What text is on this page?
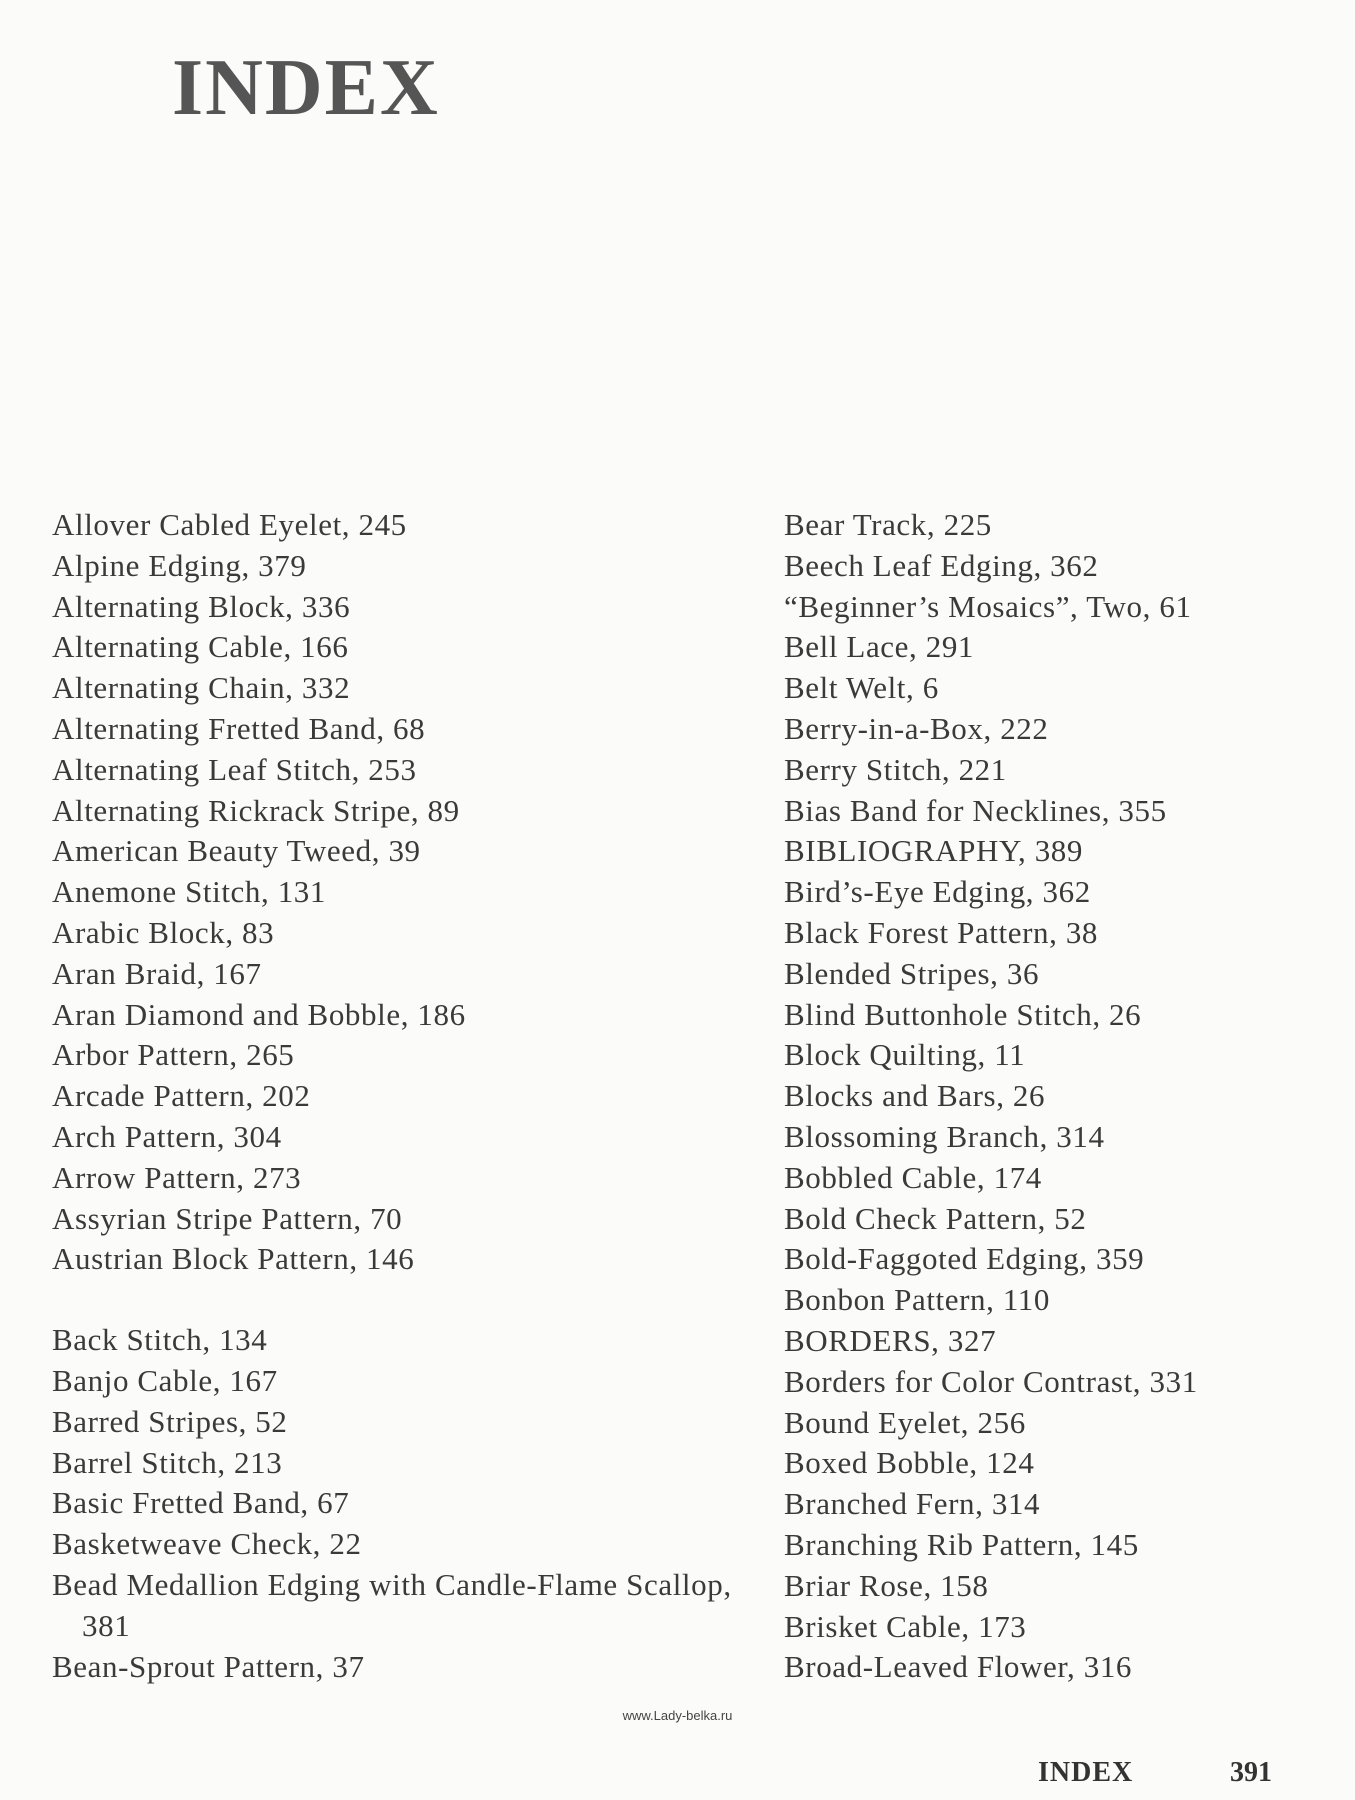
INDEX
Allover Cabled Eyelet, 245
Alpine Edging, 379
Alternating Block, 336
Alternating Cable, 166
Alternating Chain, 332
Alternating Fretted Band, 68
Alternating Leaf Stitch, 253
Alternating Rickrack Stripe, 89
American Beauty Tweed, 39
Anemone Stitch, 131
Arabic Block, 83
Aran Braid, 167
Aran Diamond and Bobble, 186
Arbor Pattern, 265
Arcade Pattern, 202
Arch Pattern, 304
Arrow Pattern, 273
Assyrian Stripe Pattern, 70
Austrian Block Pattern, 146
Back Stitch, 134
Banjo Cable, 167
Barred Stripes, 52
Barrel Stitch, 213
Basic Fretted Band, 67
Basketweave Check, 22
Bead Medallion Edging with Candle-Flame Scallop, 381
Bean-Sprout Pattern, 37
Bear Track, 225
Beech Leaf Edging, 362
“Beginner’s Mosaics”, Two, 61
Bell Lace, 291
Belt Welt, 6
Berry-in-a-Box, 222
Berry Stitch, 221
Bias Band for Necklines, 355
BIBLIOGRAPHY, 389
Bird’s-Eye Edging, 362
Black Forest Pattern, 38
Blended Stripes, 36
Blind Buttonhole Stitch, 26
Block Quilting, 11
Blocks and Bars, 26
Blossoming Branch, 314
Bobbled Cable, 174
Bold Check Pattern, 52
Bold-Faggoted Edging, 359
Bonbon Pattern, 110
BORDERS, 327
Borders for Color Contrast, 331
Bound Eyelet, 256
Boxed Bobble, 124
Branched Fern, 314
Branching Rib Pattern, 145
Briar Rose, 158
Brisket Cable, 173
Broad-Leaved Flower, 316
www.Lady-belka.ru
INDEX	391
